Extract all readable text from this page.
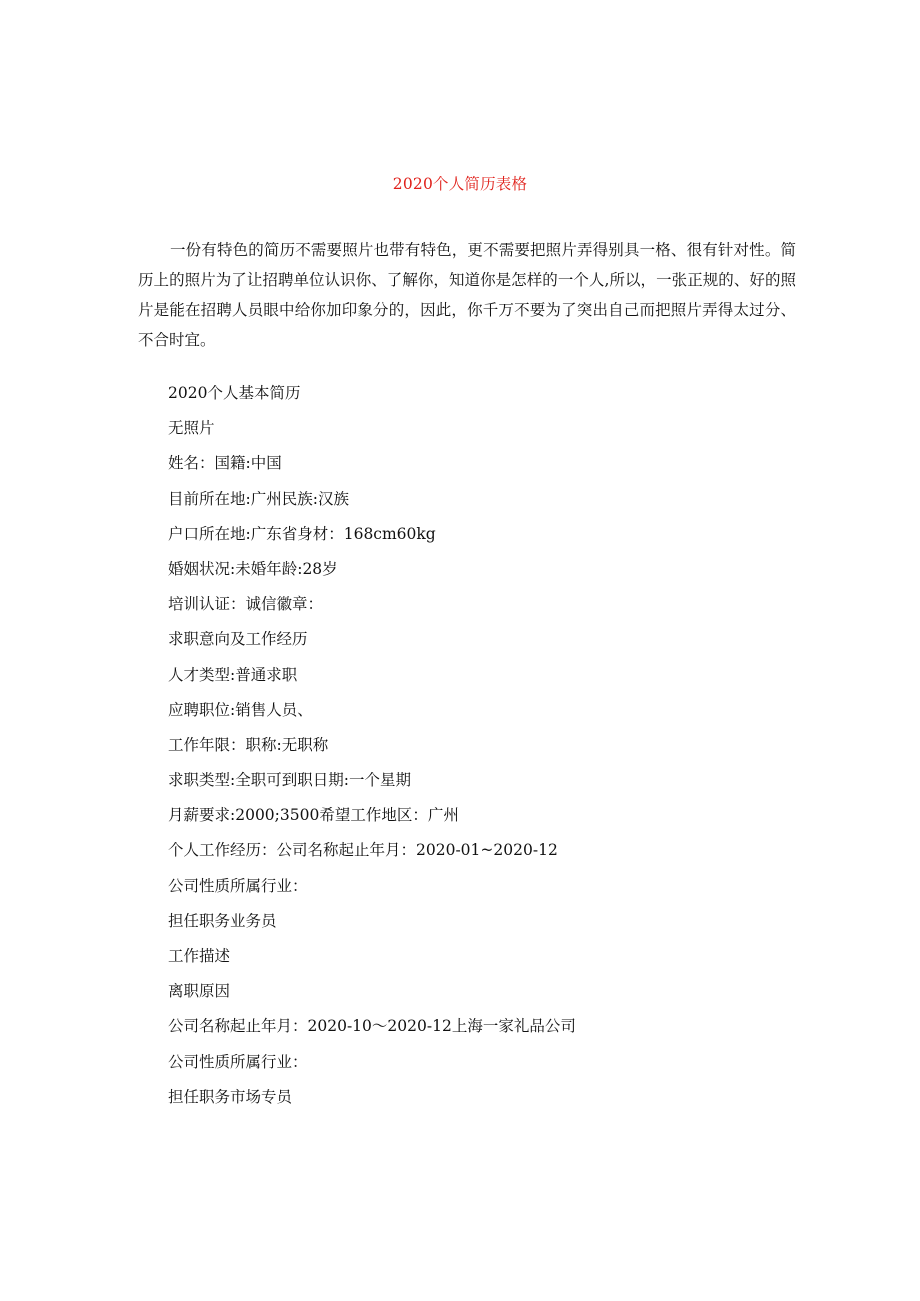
2020个人简历表格

一份有特色的简历不需要照片也带有特色，更不需要把照片弄得别具一格、很有针对性。简历上的照片为了让招聘单位认识你、了解你，知道你是怎样的一个人,所以，一张正规的、好的照片是能在招聘人员眼中给你加印象分的，因此，你千万不要为了突出自己而把照片弄得太过分、不合时宜。

2020个人基本简历
无照片
姓名：国籍:中国
目前所在地:广州民族:汉族
户口所在地:广东省身材：168cm60kg
婚姻状况:未婚年龄:28岁
培训认证：诚信徽章：
求职意向及工作经历
人才类型:普通求职
应聘职位:销售人员、
工作年限：职称:无职称
求职类型:全职可到职日期:一个星期
月薪要求:2000;3500希望工作地区：广州
个人工作经历：公司名称起止年月：2020-01~2020-12
公司性质所属行业：
担任职务业务员
工作描述
离职原因
公司名称起止年月：2020-10～2020-12上海一家礼品公司
公司性质所属行业：
担任职务市场专员
